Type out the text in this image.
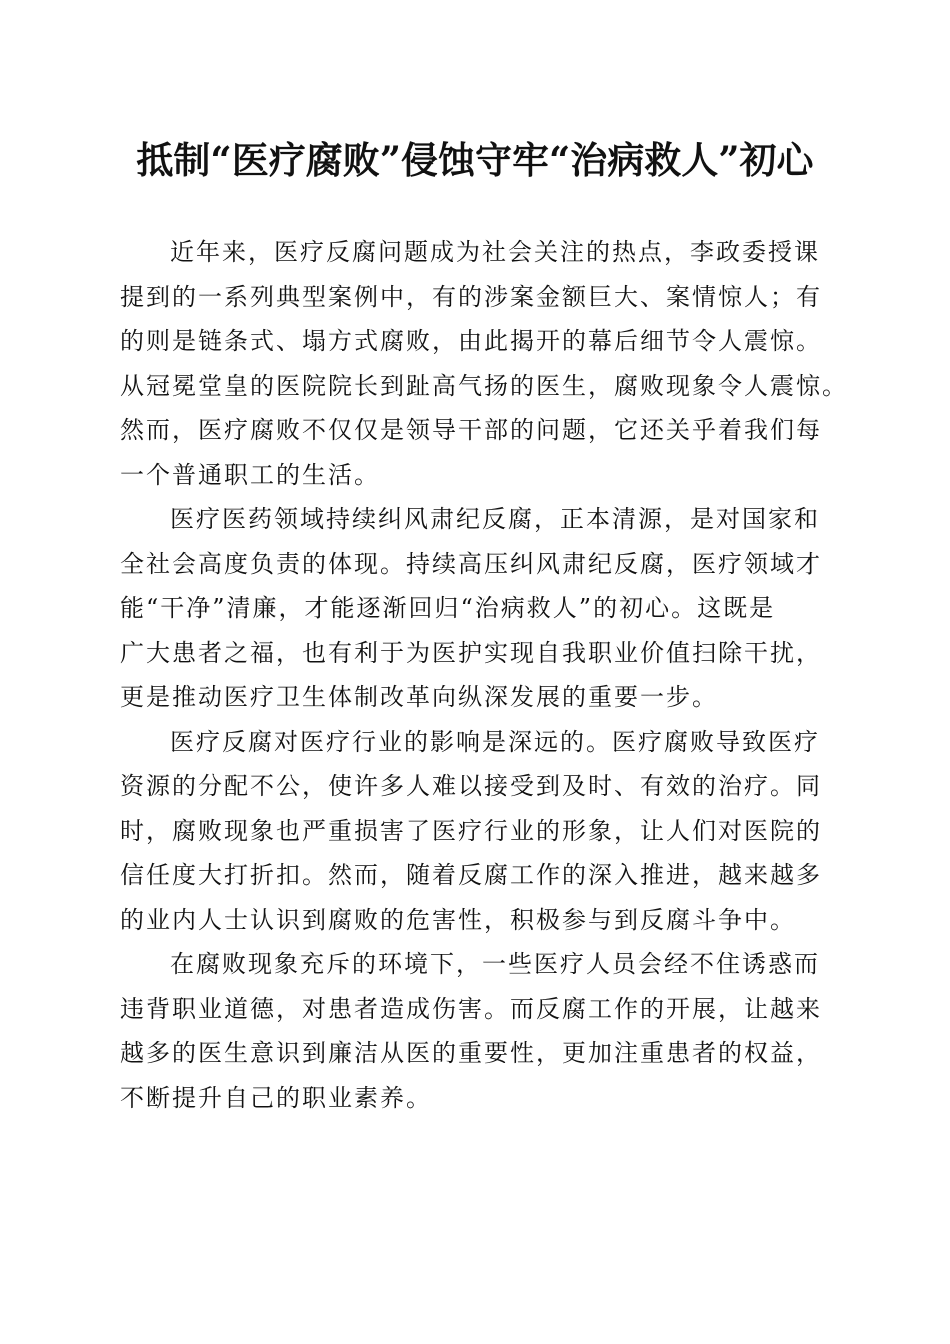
抵制“医疗腐败”侵蚀守牢“治病救人”初心
近年来，医疗反腐问题成为社会关注的热点，李政委授课
提到的一系列典型案例中，有的涉案金额巨大、案情惊人；有
的则是链条式、塌方式腐败，由此揭开的幕后细节令人震惊。
从冠冕堂皇的医院院长到趾高气扬的医生，腐败现象令人震惊。
然而，医疗腐败不仅仅是领导干部的问题，它还关乎着我们每
一个普通职工的生活。
医疗医药领域持续纠风肃纪反腐，正本清源，是对国家和
全社会高度负责的体现。持续高压纠风肃纪反腐，医疗领域才
能“干净”清廉，才能逐渐回归“治病救人”的初心。这既是
广大患者之福，也有利于为医护实现自我职业价值扫除干扰，
更是推动医疗卫生体制改革向纵深发展的重要一步。
医疗反腐对医疗行业的影响是深远的。医疗腐败导致医疗
资源的分配不公，使许多人难以接受到及时、有效的治疗。同
时，腐败现象也严重损害了医疗行业的形象，让人们对医院的
信任度大打折扣。然而，随着反腐工作的深入推进，越来越多
的业内人士认识到腐败的危害性，积极参与到反腐斗争中。
在腐败现象充斥的环境下，一些医疗人员会经不住诱惑而
违背职业道德，对患者造成伤害。而反腐工作的开展，让越来
越多的医生意识到廉洁从医的重要性，更加注重患者的权益，
不断提升自己的职业素养。
